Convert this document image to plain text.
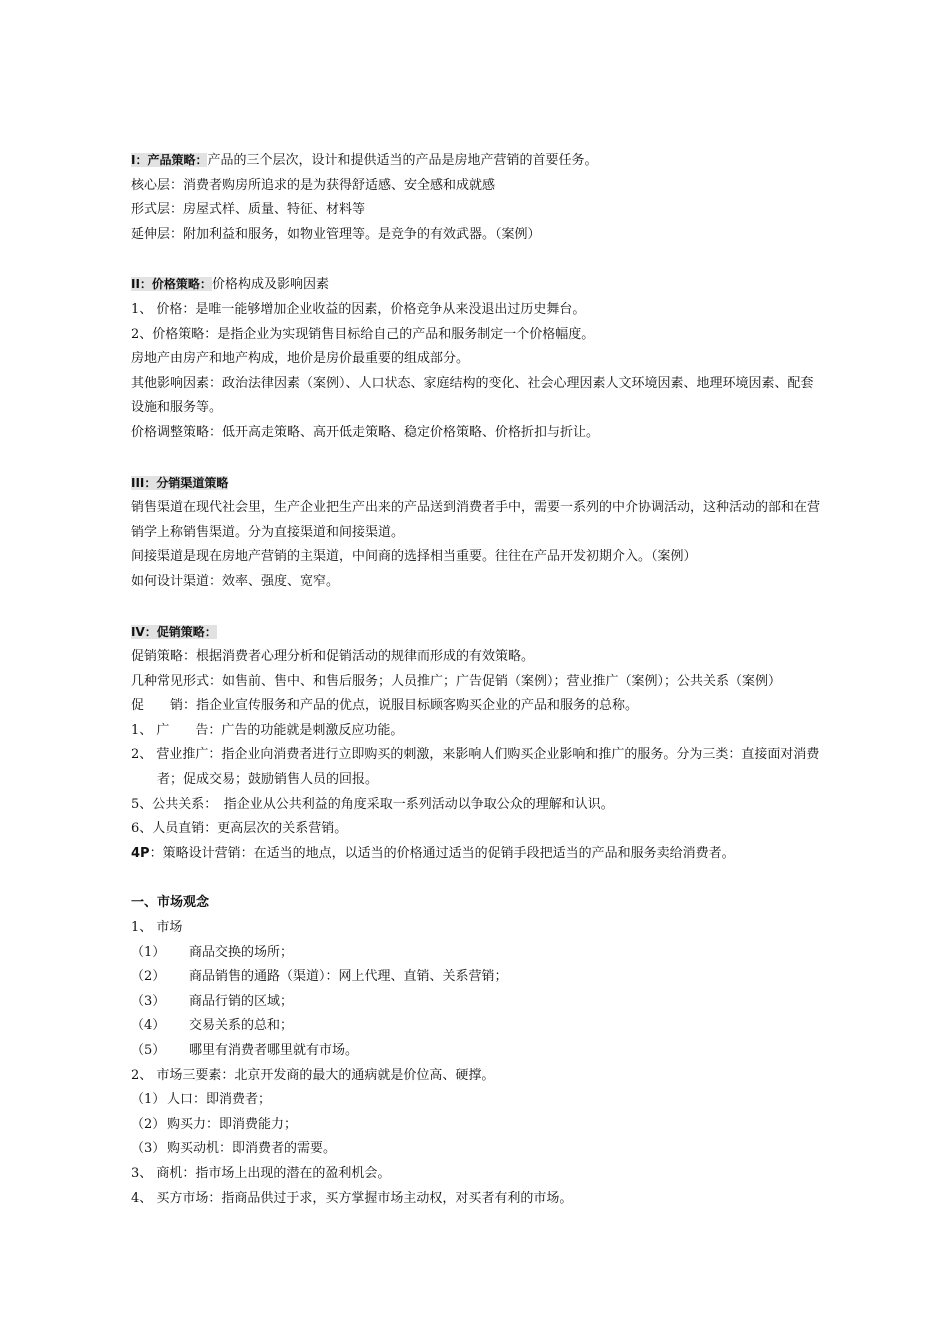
I：产品策略：产品的三个层次，设计和提供适当的产品是房地产营销的首要任务。
核心层：消费者购房所追求的是为获得舒适感、安全感和成就感
形式层：房屋式样、质量、特征、材料等
延伸层：附加利益和服务，如物业管理等。是竞争的有效武器。（案例）
II：价格策略：价格构成及影响因素
1、 价格：是唯一能够增加企业收益的因素，价格竞争从来没退出过历史舞台。
2、价格策略：是指企业为实现销售目标给自己的产品和服务制定一个价格幅度。
房地产由房产和地产构成，地价是房价最重要的组成部分。
其他影响因素：政治法律因素（案例）、人口状态、家庭结构的变化、社会心理因素人文环境因素、地理环境因素、配套设施和服务等。
价格调整策略：低开高走策略、高开低走策略、稳定价格策略、价格折扣与折让。
III：分销渠道策略
销售渠道在现代社会里，生产企业把生产出来的产品送到消费者手中，需要一系列的中介协调活动，这种活动的部和在营销学上称销售渠道。分为直接渠道和间接渠道。
间接渠道是现在房地产营销的主渠道，中间商的选择相当重要。往往在产品开发初期介入。（案例）
如何设计渠道：效率、强度、宽窄。
IV：促销策略：
促销策略：根据消费者心理分析和促销活动的规律而形成的有效策略。
几种常见形式：如售前、售中、和售后服务；人员推广；广告促销（案例）；营业推广（案例）；公共关系（案例）
促　　销：指企业宣传服务和产品的优点，说服目标顾客购买企业的产品和服务的总称。
1、 广　　告：广告的功能就是刺激反应功能。
2、 营业推广：指企业向消费者进行立即购买的刺激，来影响人们购买企业影响和推广的服务。分为三类：直接面对消费者；促成交易；鼓励销售人员的回报。
5、公共关系：　指企业从公共利益的角度采取一系列活动以争取公众的理解和认识。
6、人员直销：更高层次的关系营销。
4P：策略设计营销：在适当的地点，以适当的价格通过适当的促销手段把适当的产品和服务卖给消费者。
一、市场观念
1、 市场
（1） 商品交换的场所；
（2） 商品销售的通路（渠道）：网上代理、直销、关系营销；
（3） 商品行销的区域；
（4） 交易关系的总和；
（5） 哪里有消费者哪里就有市场。
2、 市场三要素：北京开发商的最大的通病就是价位高、硬撑。
（1） 人口：即消费者；
（2） 购买力：即消费能力；
（3） 购买动机：即消费者的需要。
3、 商机：指市场上出现的潜在的盈利机会。
4、 买方市场：指商品供过于求，买方掌握市场主动权，对买者有利的市场。
